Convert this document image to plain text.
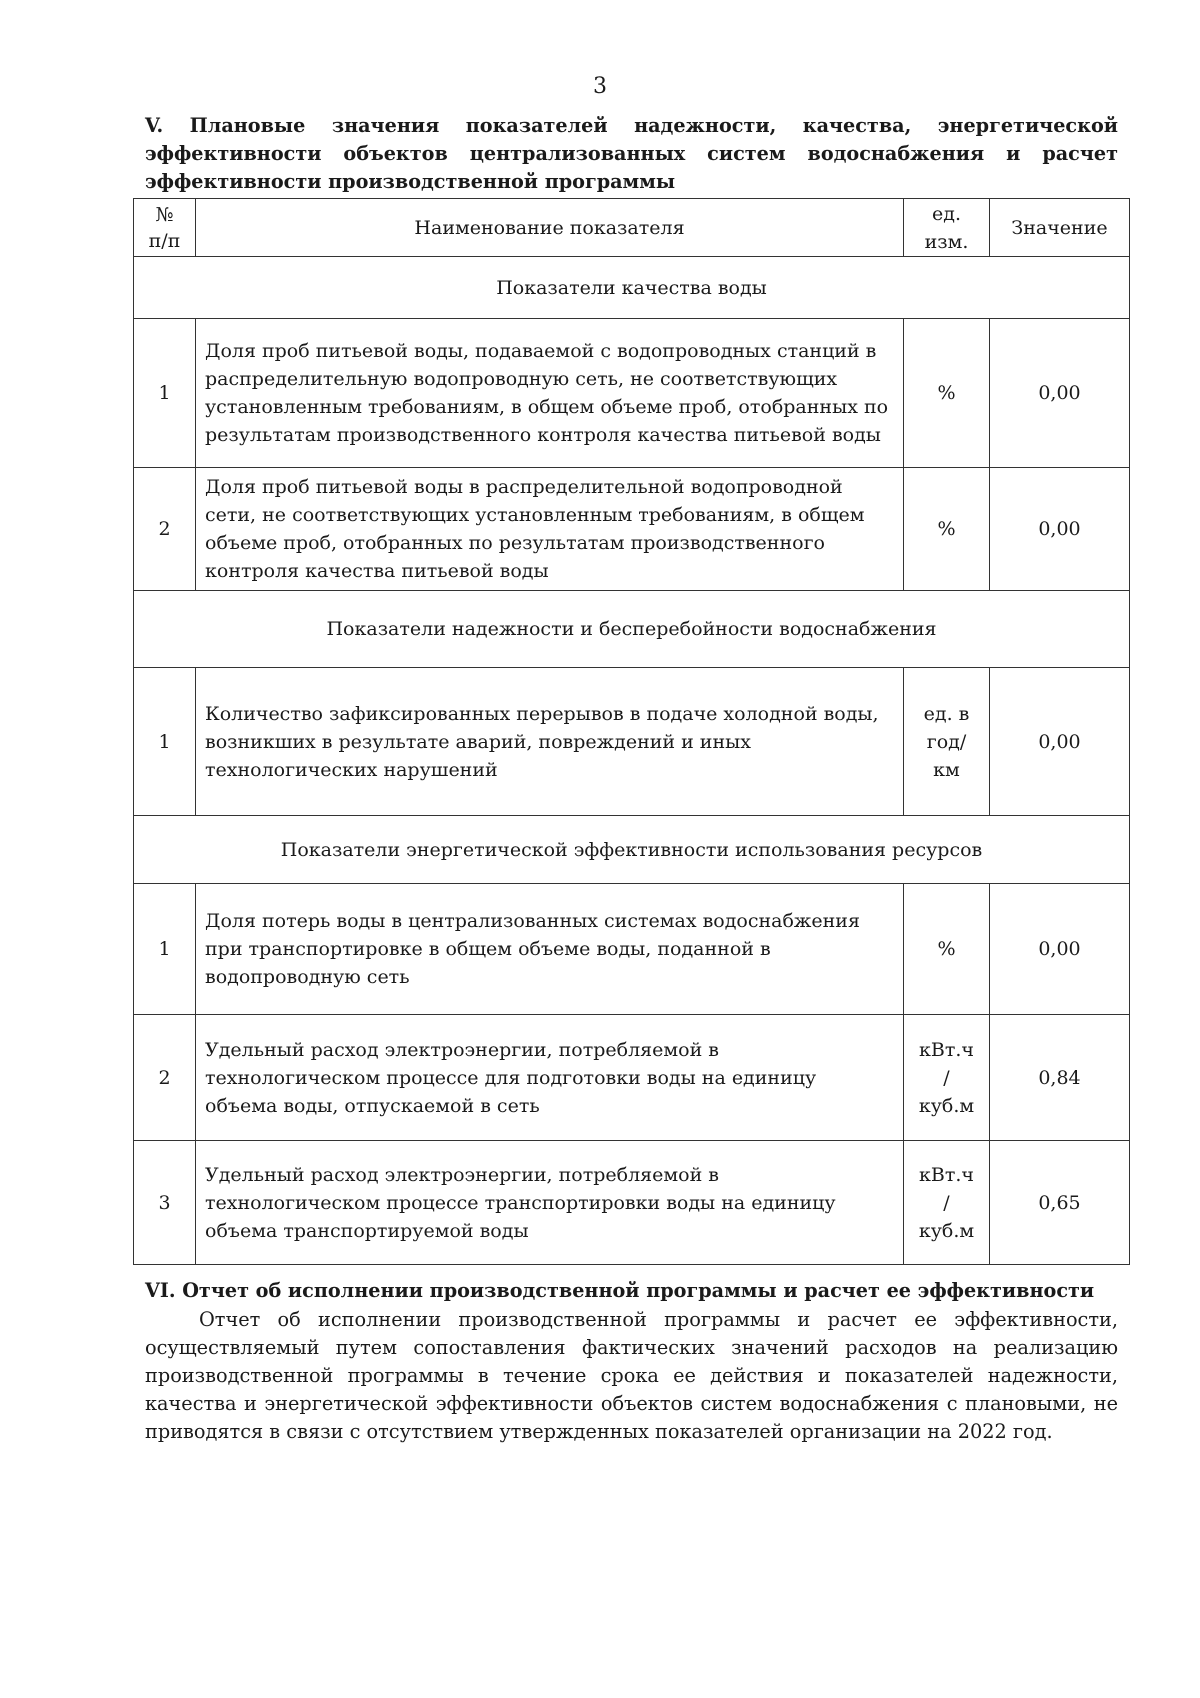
3

V. Плановые значения показателей надежности, качества, энергетической эффективности объектов централизованных систем водоснабжения и расчет эффективности производственной программы

№ п/п	Наименование показателя	ед. изм.	Значение
Показатели качества воды			
1	Доля проб питьевой воды, подаваемой с водопроводных станций в распределительную водопроводную сеть, не соответствующих установленным требованиям, в общем объеме проб, отобранных по результатам производственного контроля качества питьевой воды	%	0,00
2	Доля проб питьевой воды в распределительной водопроводной сети, не соответствующих установленным требованиям, в общем объеме проб, отобранных по результатам производственного контроля качества питьевой воды	%	0,00
Показатели надежности и бесперебойности водоснабжения			
1	Количество зафиксированных перерывов в подаче холодной воды, возникших в результате аварий, повреждений и иных технологических нарушений	ед. в год/ км	0,00
Показатели энергетической эффективности использования ресурсов			
1	Доля потерь воды в централизованных системах водоснабжения при транспортировке в общем объеме воды, поданной в водопроводную сеть	%	0,00
2	Удельный расход электроэнергии, потребляемой в технологическом процессе для подготовки воды на единицу объема воды, отпускаемой в сеть	кВт.ч / куб.м	0,84
3	Удельный расход электроэнергии, потребляемой в технологическом процессе транспортировки воды на единицу объема транспортируемой воды	кВт.ч / куб.м	0,65

VI. Отчет об исполнении производственной программы и расчет ее эффективности

Отчет об исполнении производственной программы и расчет ее эффективности, осуществляемый путем сопоставления фактических значений расходов на реализацию производственной программы в течение срока ее действия и показателей надежности, качества и энергетической эффективности объектов систем водоснабжения с плановыми, не приводятся в связи с отсутствием утвержденных показателей организации на 2022 год.
